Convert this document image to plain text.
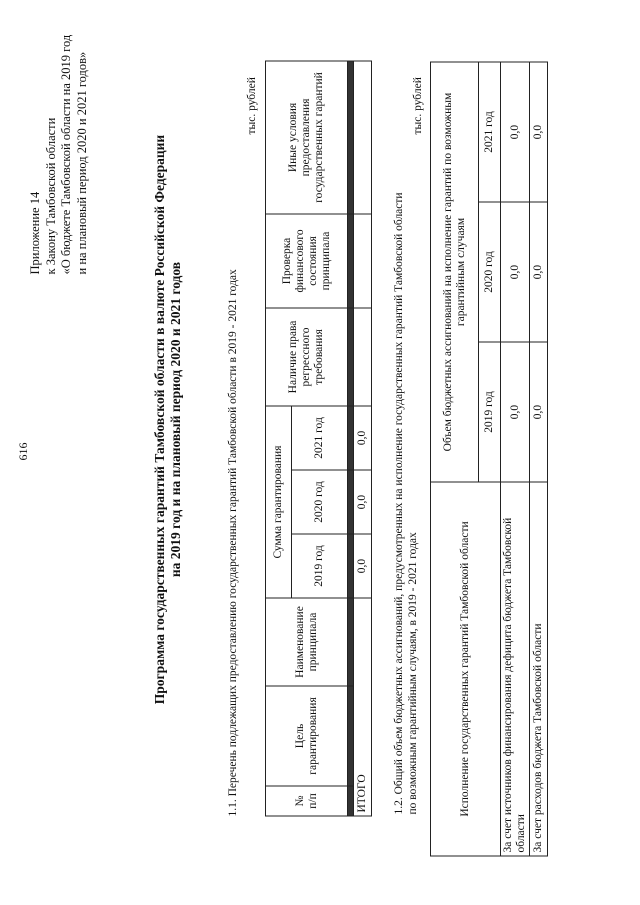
616
Приложение 14 к Закону Тамбовской области «О бюджете Тамбовской области на 2019 год и на плановый период 2020 и 2021 годов»	Программа государственных гарантий Тамбовской области в валюте Российской Федерации на 2019 год и на плановый период 2020 и 2021 годов	1.1. Перечень подлежащих предоставлению государственных гарантий Тамбовской области в 2019 - 2021 годах
тыс. рублей
№ п/п	Цель гарантирования	Наименование принципала	Сумма гарантирования			Наличие права регрессного требования	Проверка финансового состояния принципала	Иные условия предоставления государственных гарантий
			2019 год	2020 год	2021 год			

ИТОГО			0,0	0,0	0,0			1.2. Общий объем бюджетных ассигнований, предусмотренных на исполнение государственных гарантий Тамбовской области по возможным гарантийным случаям, в 2019 - 2021 годах
тыс. рублей
Исполнение государственных гарантий Тамбовской области	Объем бюджетных ассигнований на исполнение гарантий по возможным гарантийным случаям		
	2019 год	2020 год	2021 год
За счет источников финансирования дефицита бюджета Тамбовской области	0,0	0,0	0,0
За счет расходов бюджета Тамбовской области	0,0	0,0	0,0
